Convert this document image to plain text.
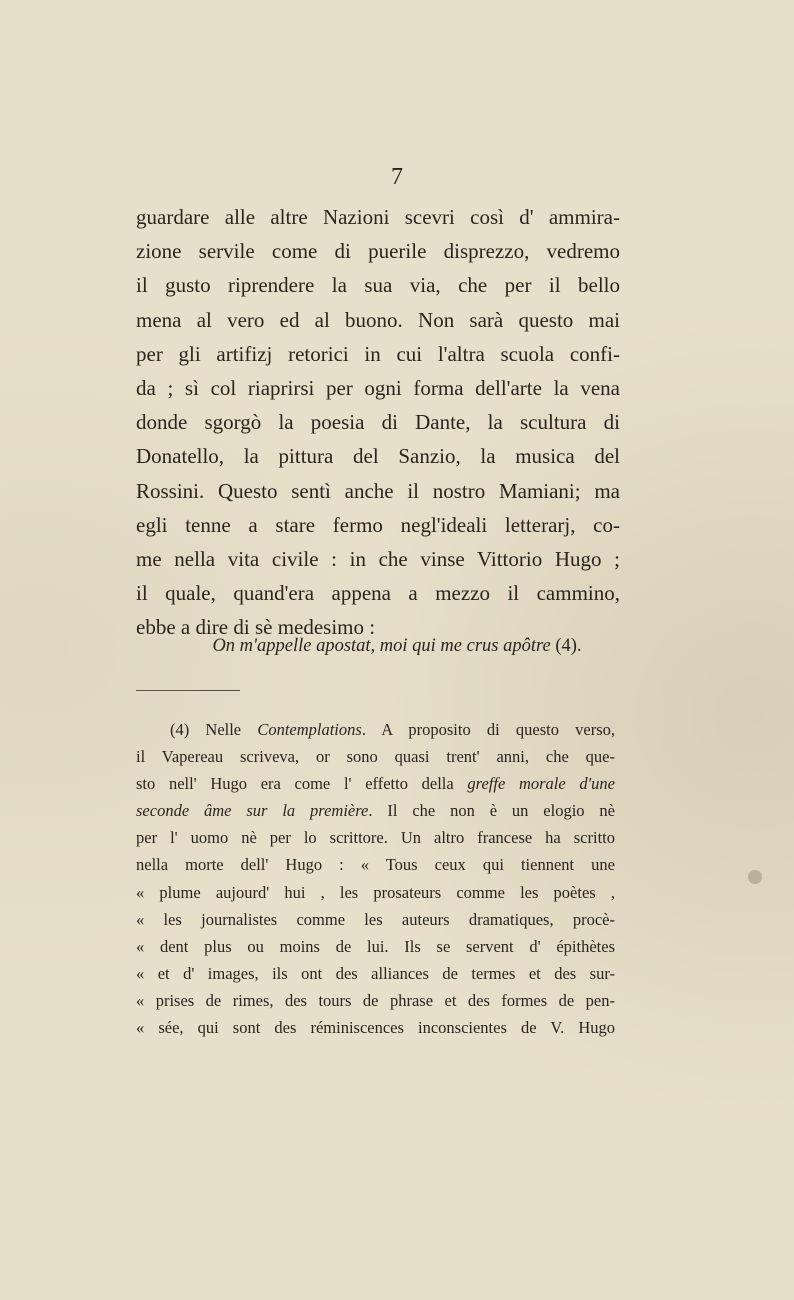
7
guardare alle altre Nazioni scevri così d' ammira-
zione servile come di puerile disprezzo, vedremo
il gusto riprendere la sua via, che per il bello
mena al vero ed al buono. Non sarà questo mai
per gli artifizj retorici in cui l'altra scuola confi-
da ; sì col riaprirsi per ogni forma dell'arte la vena
donde sgorgò la poesia di Dante, la scultura di
Donatello, la pittura del Sanzio, la musica del
Rossini. Questo sentì anche il nostro Mamiani; ma
egli tenne a stare fermo negl'ideali letterarj, co-
me nella vita civile : in che vinse Vittorio Hugo ;
il quale, quand'era appena a mezzo il cammino,
ebbe a dire di sè medesimo :
On m'appelle apostat, moi qui me crus apôtre (4).
(4) Nelle Contemplations. A proposito di questo verso,
il Vapereau scriveva, or sono quasi trent' anni, che que-
sto nell' Hugo era come l' effetto della greffe morale d'une
seconde âme sur la première. Il che non è un elogio nè
per l' uomo nè per lo scrittore. Un altro francese ha scritto
nella morte dell' Hugo : « Tous ceux qui tiennent une
« plume aujourd' hui , les prosateurs comme les poètes ,
« les journalistes comme les auteurs dramatiques, procè-
« dent plus ou moins de lui. Ils se servent d' épithètes
« et d' images, ils ont des alliances de termes et des sur-
« prises de rimes, des tours de phrase et des formes de pen-
« sée, qui sont des réminiscences inconscientes de V. Hugo
